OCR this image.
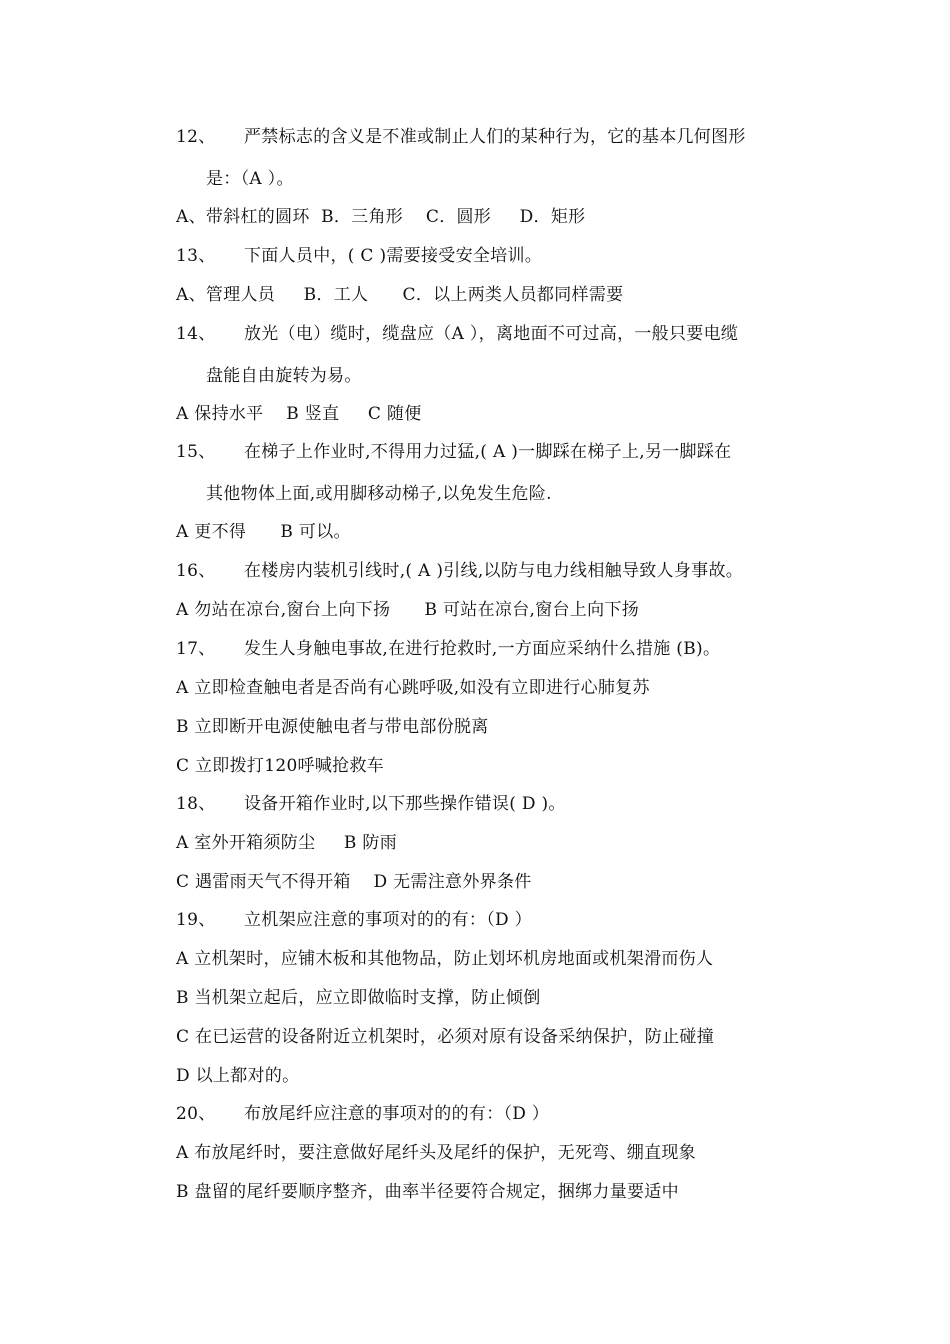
12、 严禁标志的含义是不准或制止人们的某种行为，它的基本几何图形
是：（A ）。
A、带斜杠的圆环  B．三角形    C．圆形     D．矩形
13、 下面人员中，( C )需要接受安全培训。
A、管理人员     B．工人      C．以上两类人员都同样需要
14、 放光（电）缆时，缆盘应（A ），离地面不可过高，一般只要电缆
盘能自由旋转为易。
A 保持水平    B 竖直     C 随便
15、 在梯子上作业时,不得用力过猛,( A )一脚踩在梯子上,另一脚踩在
其他物体上面,或用脚移动梯子,以免发生危险.
A 更不得      B 可以。
16、 在楼房内装机引线时,( A )引线,以防与电力线相触导致人身事故。
A 勿站在凉台,窗台上向下扬      B 可站在凉台,窗台上向下扬
17、 发生人身触电事故,在进行抢救时,一方面应采纳什么措施 (B)。
A 立即检查触电者是否尚有心跳呼吸,如没有立即进行心肺复苏
B 立即断开电源使触电者与带电部份脱离
C 立即拨打120呼喊抢救车
18、 设备开箱作业时,以下那些操作错误( D )。
A 室外开箱须防尘     B 防雨
C 遇雷雨天气不得开箱    D 无需注意外界条件
19、 立机架应注意的事项对的的有：（D ）
A 立机架时，应铺木板和其他物品，防止划坏机房地面或机架滑而伤人
B 当机架立起后，应立即做临时支撑，防止倾倒
C 在已运营的设备附近立机架时，必须对原有设备采纳保护，防止碰撞
D 以上都对的。
20、 布放尾纤应注意的事项对的的有：（D ）
A 布放尾纤时，要注意做好尾纤头及尾纤的保护，无死弯、绷直现象
B 盘留的尾纤要顺序整齐，曲率半径要符合规定，捆绑力量要适中
